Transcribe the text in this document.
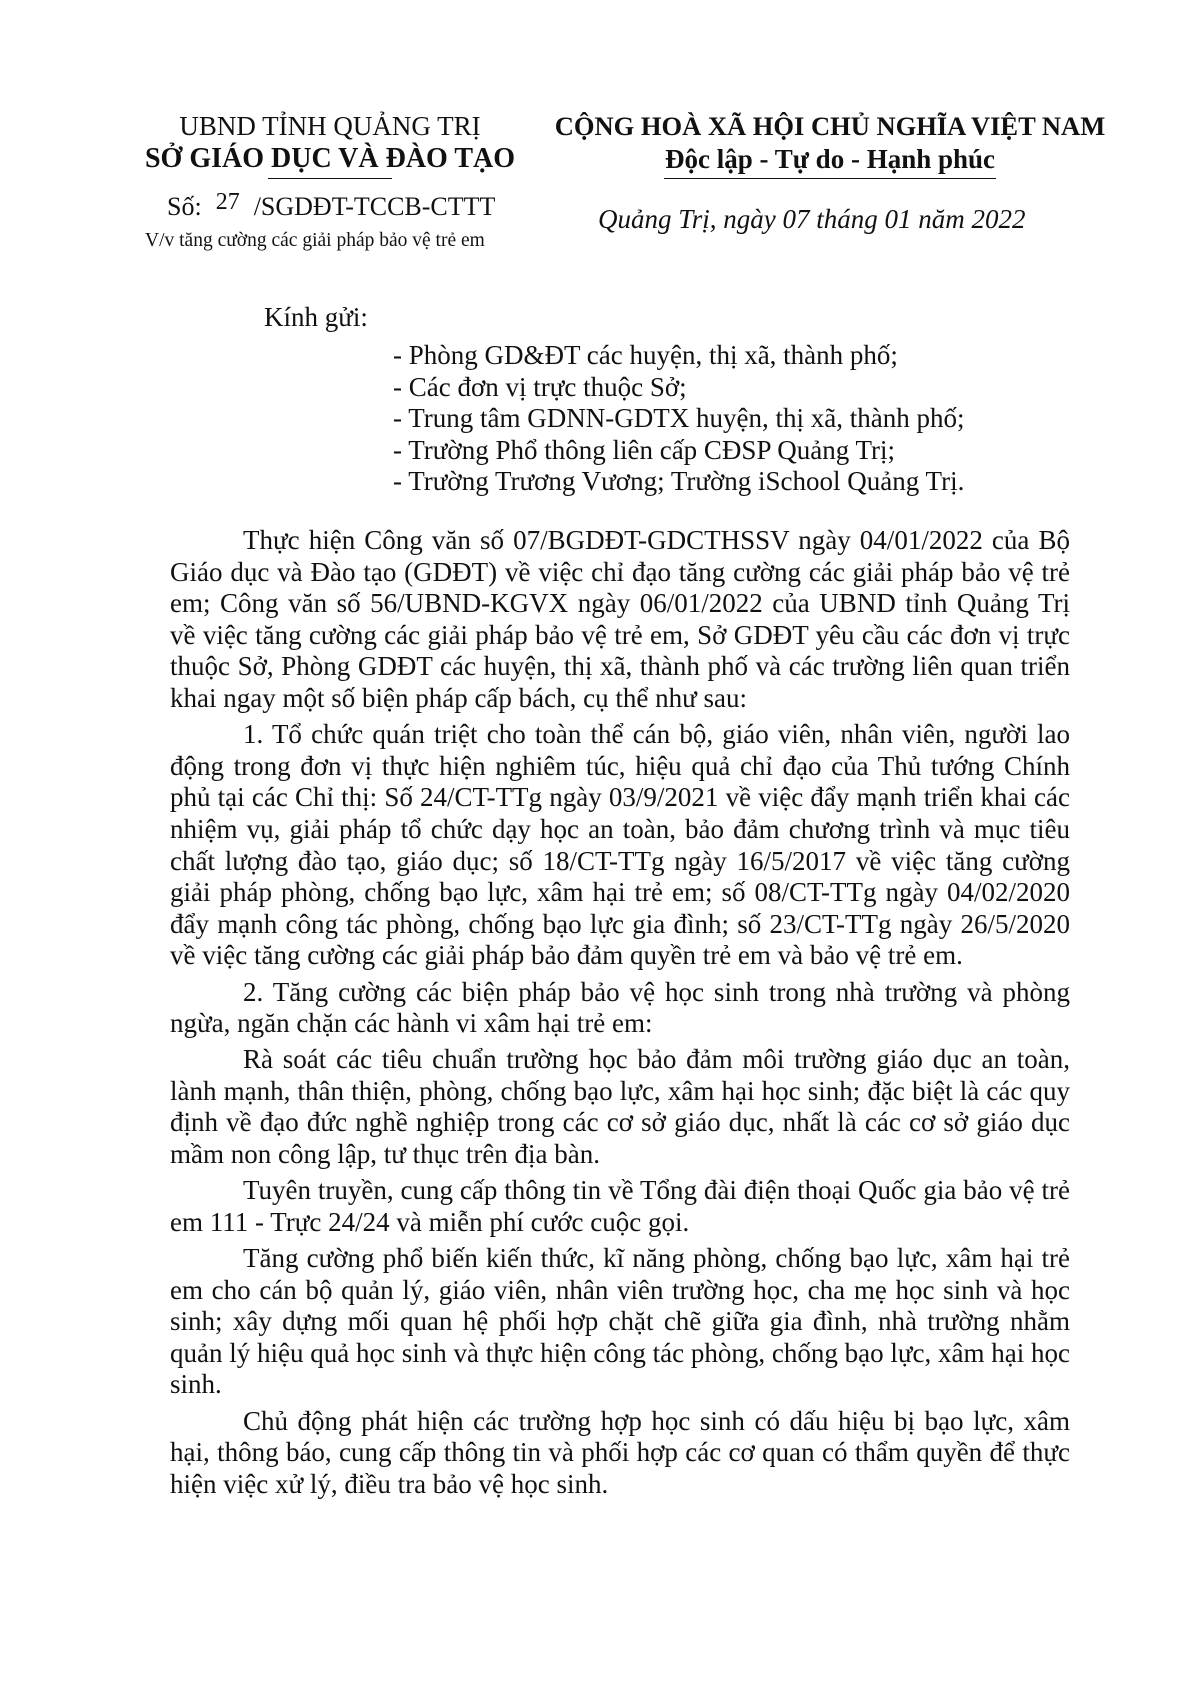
UBND TỈNH QUẢNG TRỊ
SỞ GIÁO DỤC VÀ ĐÀO TẠO
CỘNG HOÀ XÃ HỘI CHỦ NGHĨA VIỆT NAM
Độc lập - Tự do - Hạnh phúc
Số: 27 /SGDĐT-TCCB-CTTT
V/v tăng cường các giải pháp bảo vệ trẻ em
Quảng Trị, ngày 07 tháng 01 năm 2022
Kính gửi:
- Phòng GD&ĐT các huyện, thị xã, thành phố;
- Các đơn vị trực thuộc Sở;
- Trung tâm GDNN-GDTX huyện, thị xã, thành phố;
- Trường Phổ thông liên cấp CĐSP Quảng Trị;
- Trường Trương Vương; Trường iSchool Quảng Trị.

Thực hiện Công văn số 07/BGDĐT-GDCTHSSV ngày 04/01/2022 của Bộ Giáo dục và Đào tạo (GDĐT) về việc chỉ đạo tăng cường các giải pháp bảo vệ trẻ em; Công văn số 56/UBND-KGVX ngày 06/01/2022 của UBND tỉnh Quảng Trị về việc tăng cường các giải pháp bảo vệ trẻ em, Sở GDĐT yêu cầu các đơn vị trực thuộc Sở, Phòng GDĐT các huyện, thị xã, thành phố và các trường liên quan triển khai ngay một số biện pháp cấp bách, cụ thể như sau:

1. Tổ chức quán triệt cho toàn thể cán bộ, giáo viên, nhân viên, người lao động trong đơn vị thực hiện nghiêm túc, hiệu quả chỉ đạo của Thủ tướng Chính phủ tại các Chỉ thị: Số 24/CT-TTg ngày 03/9/2021 về việc đẩy mạnh triển khai các nhiệm vụ, giải pháp tổ chức dạy học an toàn, bảo đảm chương trình và mục tiêu chất lượng đào tạo, giáo dục; số 18/CT-TTg ngày 16/5/2017 về việc tăng cường giải pháp phòng, chống bạo lực, xâm hại trẻ em; số 08/CT-TTg ngày 04/02/2020 đẩy mạnh công tác phòng, chống bạo lực gia đình; số 23/CT-TTg ngày 26/5/2020 về việc tăng cường các giải pháp bảo đảm quyền trẻ em và bảo vệ trẻ em.

2. Tăng cường các biện pháp bảo vệ học sinh trong nhà trường và phòng ngừa, ngăn chặn các hành vi xâm hại trẻ em:

Rà soát các tiêu chuẩn trường học bảo đảm môi trường giáo dục an toàn, lành mạnh, thân thiện, phòng, chống bạo lực, xâm hại học sinh; đặc biệt là các quy định về đạo đức nghề nghiệp trong các cơ sở giáo dục, nhất là các cơ sở giáo dục mầm non công lập, tư thục trên địa bàn.

Tuyên truyền, cung cấp thông tin về Tổng đài điện thoại Quốc gia bảo vệ trẻ em 111 - Trực 24/24 và miễn phí cước cuộc gọi.

Tăng cường phổ biến kiến thức, kĩ năng phòng, chống bạo lực, xâm hại trẻ em cho cán bộ quản lý, giáo viên, nhân viên trường học, cha mẹ học sinh và học sinh; xây dựng mối quan hệ phối hợp chặt chẽ giữa gia đình, nhà trường nhằm quản lý hiệu quả học sinh và thực hiện công tác phòng, chống bạo lực, xâm hại học sinh.

Chủ động phát hiện các trường hợp học sinh có dấu hiệu bị bạo lực, xâm hại, thông báo, cung cấp thông tin và phối hợp các cơ quan có thẩm quyền để thực hiện việc xử lý, điều tra bảo vệ học sinh.
